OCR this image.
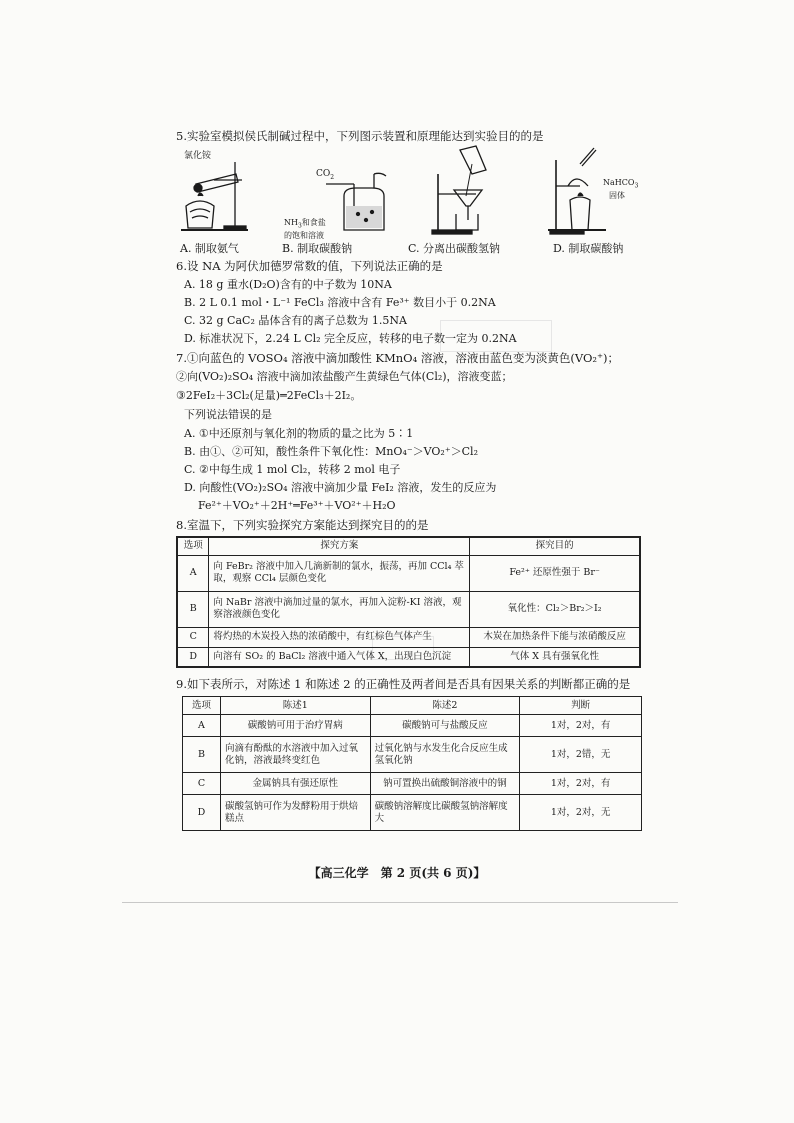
5.实验室模拟侯氏制碱过程中，下列图示装置和原理能达到实验目的的是
氯化铵
$CO_2$
$NH_3$和食盐
的饱和溶液
NaHCO$_3$
固体
A. 制取氨气	B. 制取碳酸钠	C. 分离出碳酸氢钠	D. 制取碳酸钠
6.设 NA 为阿伏加德罗常数的值，下列说法正确的是
A. 18 g 重水(D₂O)含有的中子数为 10NA
B. 2 L 0.1 mol・L⁻¹ FeCl₃ 溶液中含有 Fe³⁺ 数目小于 0.2NA
C. 32 g CaC₂ 晶体含有的离子总数为 1.5NA
D. 标准状况下，2.24 L Cl₂ 完全反应，转移的电子数一定为 0.2NA
7.①向蓝色的 VOSO₄ 溶液中滴加酸性 KMnO₄ 溶液，溶液由蓝色变为淡黄色(VO₂⁺)；
②向(VO₂)₂SO₄ 溶液中滴加浓盐酸产生黄绿色气体(Cl₂)，溶液变蓝；
③2FeI₂＋3Cl₂(足量)═2FeCl₃＋2I₂。
下列说法错误的是
A. ①中还原剂与氧化剂的物质的量之比为 5∶1
B. 由①、②可知，酸性条件下氧化性：MnO₄⁻＞VO₂⁺＞Cl₂
C. ②中每生成 1 mol Cl₂，转移 2 mol 电子
D. 向酸性(VO₂)₂SO₄ 溶液中滴加少量 FeI₂ 溶液，发生的反应为
Fe²⁺＋VO₂⁺＋2H⁺═Fe³⁺＋VO²⁺＋H₂O
8.室温下，下列实验探究方案能达到探究目的的是
选项	探究方案	探究目的
A	向 FeBr₂ 溶液中加入几滴新制的氯水，振荡，再加 CCl₄ 萃取，观察 CCl₄ 层颜色变化	Fe²⁺ 还原性强于 Br⁻
B	向 NaBr 溶液中滴加过量的氯水，再加入淀粉-KI 溶液，观察溶液颜色变化	氧化性：Cl₂＞Br₂＞I₂
C	将灼热的木炭投入热的浓硝酸中，有红棕色气体产生	木炭在加热条件下能与浓硝酸反应
D	向溶有 SO₂ 的 BaCl₂ 溶液中通入气体 X，出现白色沉淀	气体 X 具有强氧化性
9.如下表所示，对陈述 1 和陈述 2 的正确性及两者间是否具有因果关系的判断都正确的是
选项	陈述1	陈述2	判断
A	碳酸钠可用于治疗胃病	碳酸钠可与盐酸反应	1对，2对，有
B	向滴有酚酞的水溶液中加入过氧化钠，溶液最终变红色	过氧化钠与水发生化合反应生成氢氧化钠	1对，2错，无
C	金属钠具有强还原性	钠可置换出硫酸铜溶液中的铜	1对，2对，有
D	碳酸氢钠可作为发酵粉用于烘焙糕点	碳酸钠溶解度比碳酸氢钠溶解度大	1对，2对，无
【高三化学　第 2 页(共 6 页)】
